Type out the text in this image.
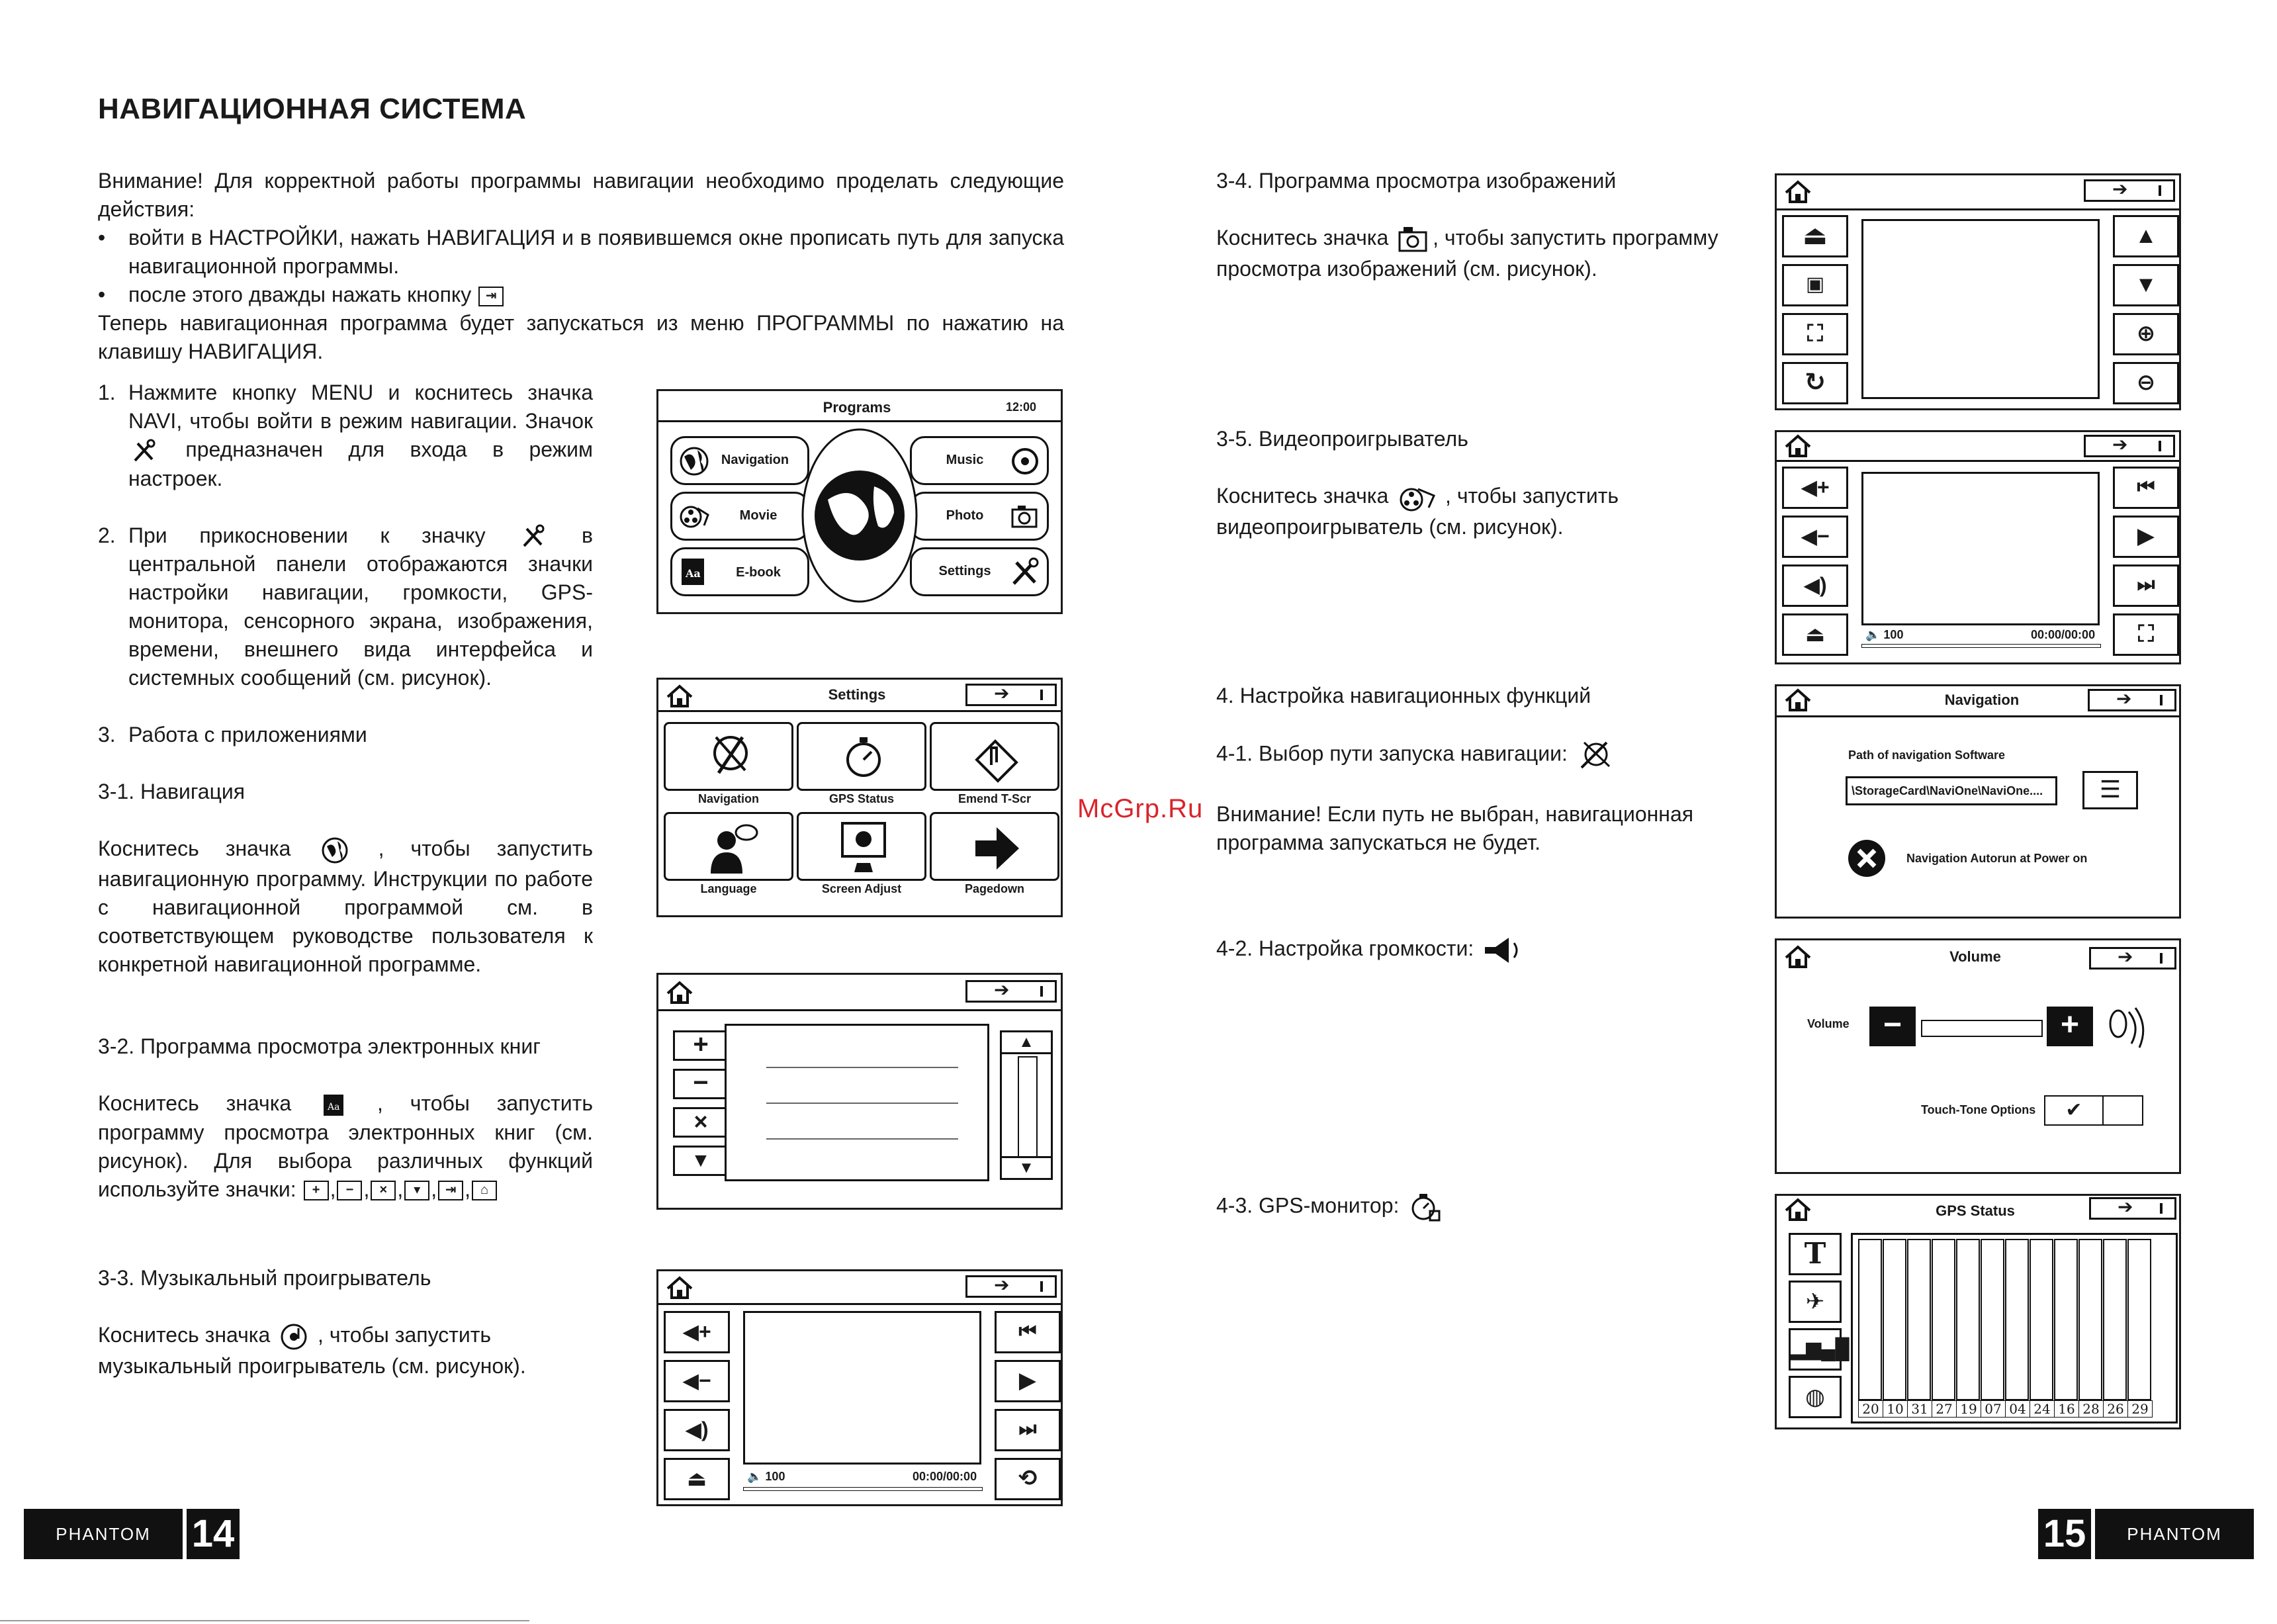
НАВИГАЦИОННАЯ СИСТЕМА
Внимание! Для корректной работы программы навигации необходимо проделать следующие действия:
• войти в НАСТРОЙКИ, нажать НАВИГАЦИЯ и в появившемся окне прописать путь для запуска навигационной программы.
• после этого дважды нажать кнопку ⇥
Теперь навигационная программа будет запускаться из меню ПРОГРАММЫ по нажатию на клавишу НАВИГАЦИЯ.
1. Нажмите кнопку MENU и коснитесь значка NAVI, чтобы войти в режим навигации. Значок  предназначен для входа в режим настроек.
2. При прикосновении к значку	в центральной панели отображаются значки настройки навигации, громкости, GPS-монитора, сенсорного экрана, изображения, времени, внешнего вида интерфейса и системных сообщений (см. рисунок).
3. Работа с приложениями
3-1. Навигация
Коснитесь значка	, чтобы запустить навигационную программу. Инструкции по работе с навигационной программой см. в соответствующем руководстве пользователя к конкретной навигационной программе.
3-2. Программа просмотра электронных книг
Коснитесь значка	Aa , чтобы запустить программу просмотра электронных книг (см. рисунок). Для выбора различных функций используйте значки: + , − , × , ▾ , ⇥ , ⌂
3-3. Музыкальный проигрыватель
Коснитесь значка , чтобы запустить музыкальный проигрыватель (см. рисунок).
Programs	12:00
Navigation	Music
Movie	Photo
Aa	E-book	Settings
Settings
➔
Navigation	GPS Status	Emend T-Scr
Language	Screen Adjust	Pagedown
➔
+
−
×
▼
▲
▼
➔
◀+
◀−
◀)
⏏	🔈 100	00:00/00:00
⏮
▶
⏭
⟲
PHANTOM	14
McGrp.Ru
3-4. Программа просмотра изображений
Коснитесь значка , чтобы запустить программу просмотра изображений (см. рисунок).
3-5. Видеопроигрыватель
Коснитесь значка	, чтобы запустить видеопроигрыватель (см. рисунок).
4. Настройка навигационных функций
4-1. Выбор пути запуска навигации:
Внимание! Если путь не выбран, навигационная программа запускаться не будет.
4-2. Настройка громкости:
4-3. GPS-монитор:
➔
⏏
▣
⛶
↻
▲
▼
⊕
⊖
➔
◀+
◀−
◀)
⏏	🔈 100	00:00/00:00
⏮
▶
⏭
⛶
Navigation
➔
Path of navigation Software
\StorageCard\NaviOne\NaviOne....	☰
Navigation Autorun at Power on
Volume
➔
Volume	−	+
Touch-Tone Options	✔
GPS Status
➔
T
✈
▂▆▄█
◍	20 10 31 27 19 07 04 24 16 28 26 29
15	PHANTOM
